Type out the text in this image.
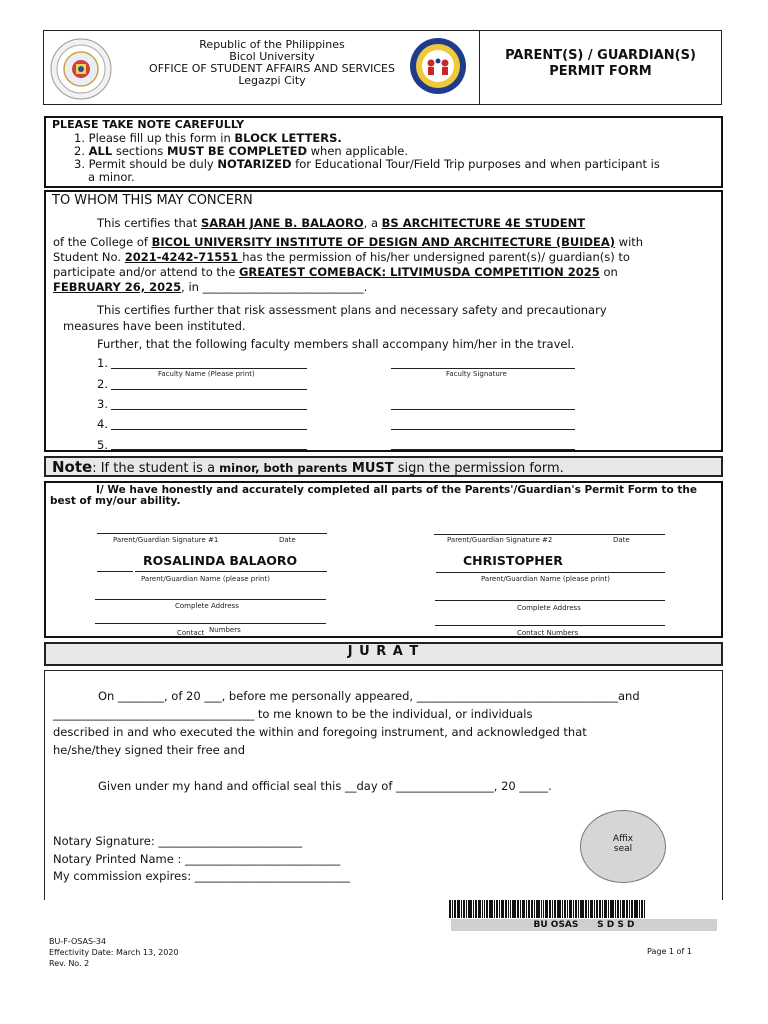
Republic of the Philippines
Bicol University
OFFICE OF STUDENT AFFAIRS AND SERVICES
Legazpi City
PARENT(S) / GUARDIAN(S)
PERMIT FORM
PLEASE TAKE NOTE CAREFULLY
1. Please fill up this form in BLOCK LETTERS.
2. ALL sections MUST BE COMPLETED when applicable.
3. Permit should be duly NOTARIZED for Educational Tour/Field Trip purposes and when participant is
a minor.
TO WHOM THIS MAY CONCERN
This certifies that SARAH JANE B. BALAORO, a BS ARCHITECTURE 4E STUDENT
of the College of BICOL UNIVERSITY INSTITUTE OF DESIGN AND ARCHITECTURE (BUIDEA) with
Student No. 2021-4242-71551 has the permission of his/her undersigned parent(s)/ guardian(s) to
participate and/or attend to the GREATEST COMEBACK: LITVIMUSDA COMPETITION 2025 on
FEBRUARY 26, 2025, in ____________________________.
This certifies further that risk assessment plans and necessary safety and precautionary
measures have been instituted.
Further, that the following faculty members shall accompany him/her in the travel.
1.
Faculty Name (Please print)	Faculty Signature
2.
3.
4.
5.
Note: If the student is a minor, both parents MUST sign the permission form.
I/ We have honestly and accurately completed all parts of the Parents'/Guardian's Permit Form to the
best of my/our ability.
Parent/Guardian Signature #1	Date	Parent/Guardian Signature #2	Date
ROSALINDA BALAORO	CHRISTOPHER
Parent/Guardian Name (please print)	Parent/Guardian Name (please print)
Complete Address	Complete Address
Contact Numbers	Contact Numbers
J U R A T
On ________, of 20 ___, before me personally appeared, ___________________________________and
___________________________________ to me known to be the individual, or individuals
described in and who executed the within and foregoing instrument, and acknowledged that
he/she/they signed their free and
Given under my hand and official seal this __day of _________________, 20 _____.
Affix
seal
Notary Signature: _________________________
Notary Printed Name : ___________________________
My commission expires: ___________________________
BU OSAS      S D S D
BU-F-OSAS-34
Effectivity Date: March 13, 2020
Rev. No. 2
Page 1 of 1
